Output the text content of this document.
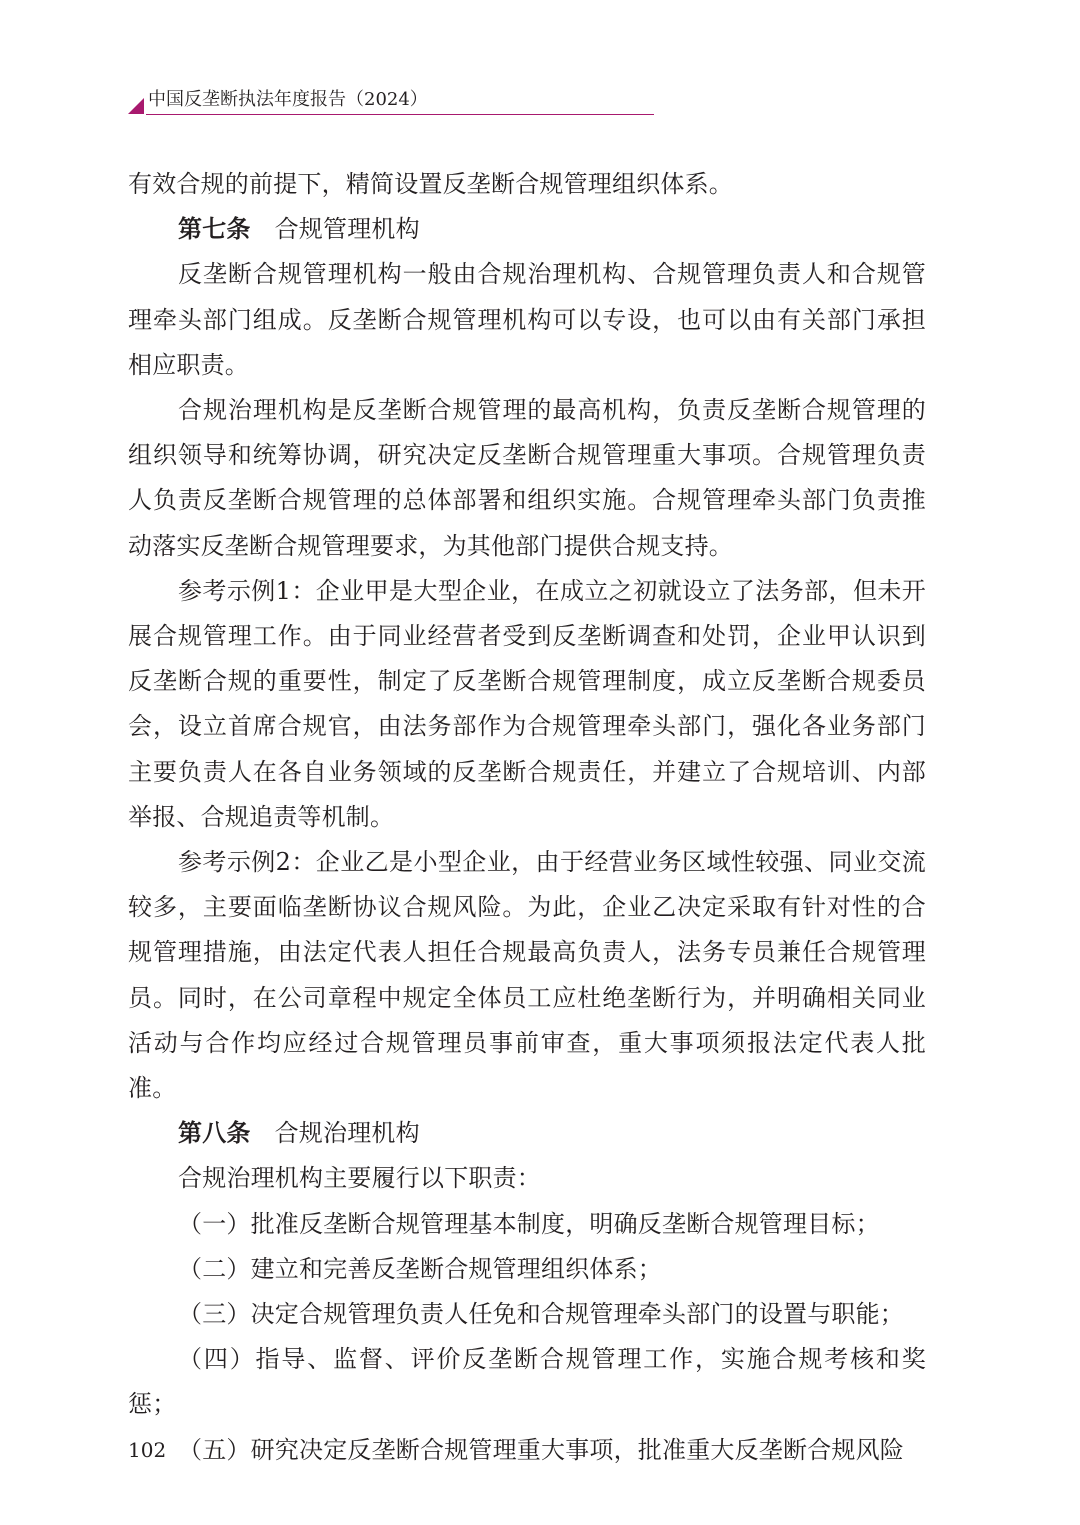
中国反垄断执法年度报告（2024）

有效合规的前提下，精简设置反垄断合规管理组织体系。

第七条 合规管理机构

反垄断合规管理机构一般由合规治理机构、合规管理负责人和合规管理牵头部门组成。反垄断合规管理机构可以专设，也可以由有关部门承担相应职责。

合规治理机构是反垄断合规管理的最高机构，负责反垄断合规管理的组织领导和统筹协调，研究决定反垄断合规管理重大事项。合规管理负责人负责反垄断合规管理的总体部署和组织实施。合规管理牵头部门负责推动落实反垄断合规管理要求，为其他部门提供合规支持。

参考示例1：企业甲是大型企业，在成立之初就设立了法务部，但未开展合规管理工作。由于同业经营者受到反垄断调查和处罚，企业甲认识到反垄断合规的重要性，制定了反垄断合规管理制度，成立反垄断合规委员会，设立首席合规官，由法务部作为合规管理牵头部门，强化各业务部门主要负责人在各自业务领域的反垄断合规责任，并建立了合规培训、内部举报、合规追责等机制。

参考示例2：企业乙是小型企业，由于经营业务区域性较强、同业交流较多，主要面临垄断协议合规风险。为此，企业乙决定采取有针对性的合规管理措施，由法定代表人担任合规最高负责人，法务专员兼任合规管理员。同时，在公司章程中规定全体员工应杜绝垄断行为，并明确相关同业活动与合作均应经过合规管理员事前审查，重大事项须报法定代表人批准。

第八条 合规治理机构

合规治理机构主要履行以下职责：

（一）批准反垄断合规管理基本制度，明确反垄断合规管理目标；

（二）建立和完善反垄断合规管理组织体系；

（三）决定合规管理负责人任免和合规管理牵头部门的设置与职能；

（四）指导、监督、评价反垄断合规管理工作，实施合规考核和奖惩；

（五）研究决定反垄断合规管理重大事项，批准重大反垄断合规风险

102
